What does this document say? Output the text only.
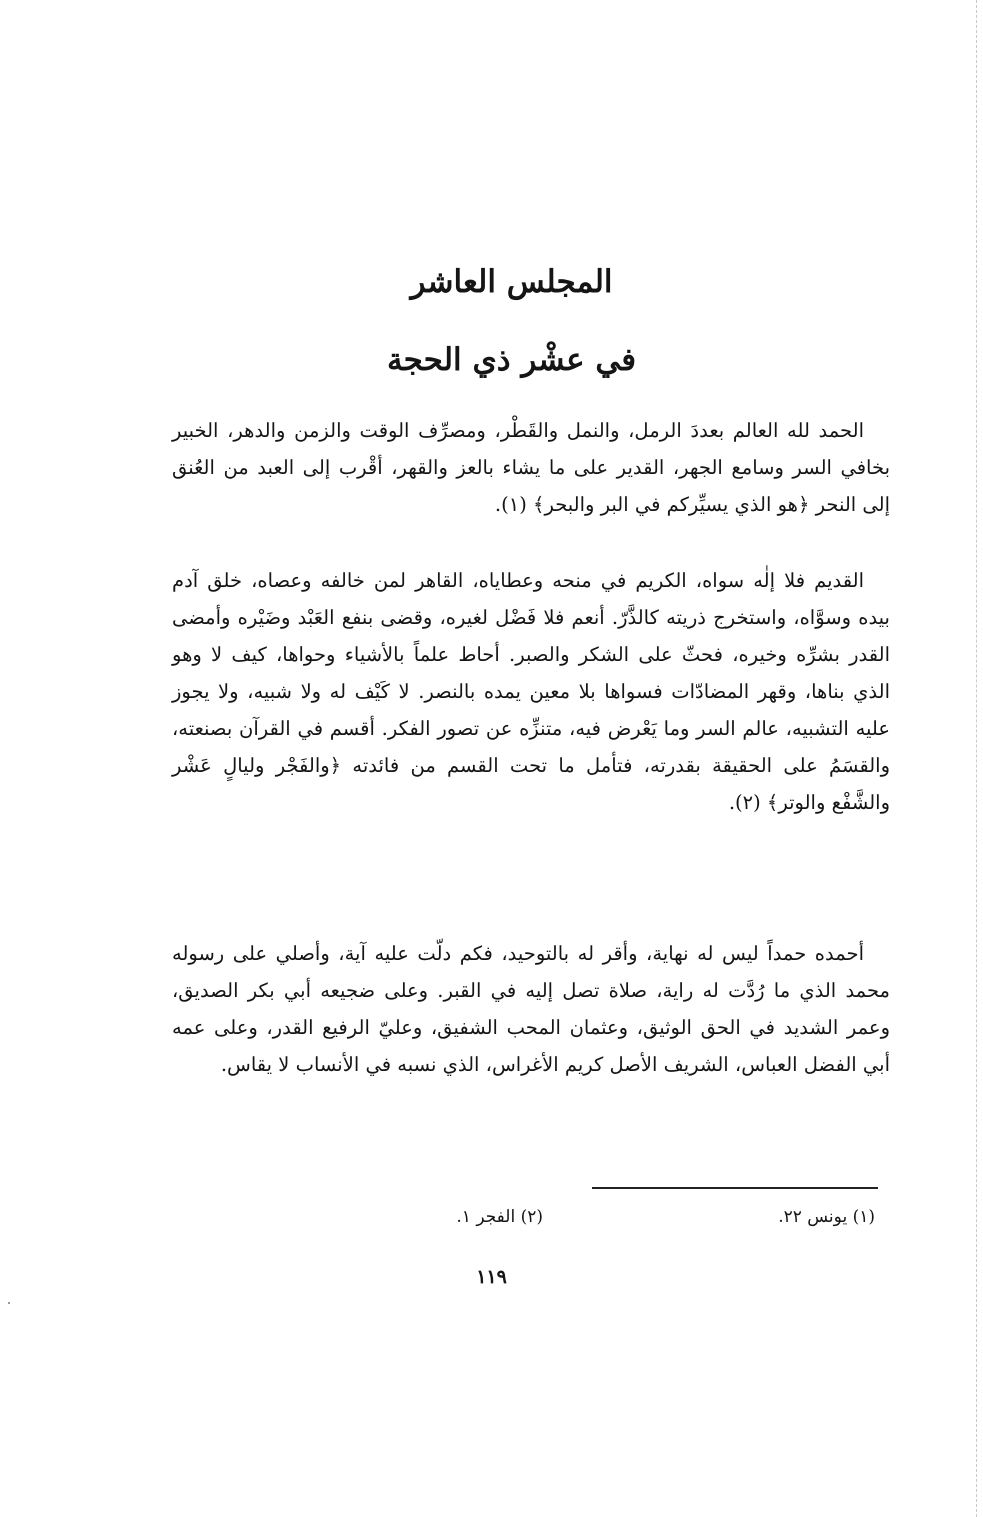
المجلس العاشر
في عشْر ذي الحجة

الحمد لله العالم بعددَ الرمل، والنمل والقَطْر، ومصرِّف الوقت والزمن والدهر، الخبير بخافي السر وسامع الجهر، القدير على ما يشاء بالعز والقهر، أقْرب إلى العبد من العُنق إلى النحر ﴿هو الذي يسيِّركم في البر والبحر﴾ (١).

القديم فلا إلٰه سواه، الكريم في منحه وعطاياه، القاهر لمن خالفه وعصاه، خلق آدم بيده وسوَّاه، واستخرج ذريته كالذَّرّ. أنعم فلا فَضْل لغيره، وقضى بنفع العَبْد وضَيْره وأمضى القدر بشرِّه وخيره، فحثّ على الشكر والصبر. أحاط علماً بالأشياء وحواها، كيف لا وهو الذي بناها، وقهر المضادّات فسواها بلا معين يمده بالنصر. لا كَيْف له ولا شبيه، ولا يجوز عليه التشبيه، عالم السر وما يَعْرض فيه، متنزِّه عن تصور الفكر. أقسم في القرآن بصنعته، والقسَمُ على الحقيقة بقدرته، فتأمل ما تحت القسم من فائدته ﴿والفَجْر وليالٍ عَشْر والشَّفْع والوتر﴾ (٢).

أحمده حمداً ليس له نهاية، وأقر له بالتوحيد، فكم دلّت عليه آية، وأصلي على رسوله محمد الذي ما رُدَّت له راية، صلاة تصل إليه في القبر. وعلى ضجيعه أبي بكر الصديق، وعمر الشديد في الحق الوثيق، وعثمان المحب الشفيق، وعليّ الرفيع القدر، وعلى عمه أبي الفضل العباس، الشريف الأصل كريم الأغراس، الذي نسبه في الأنساب لا يقاس.

(١) يونس ٢٢.
(٢) الفجر ١.
١١٩
